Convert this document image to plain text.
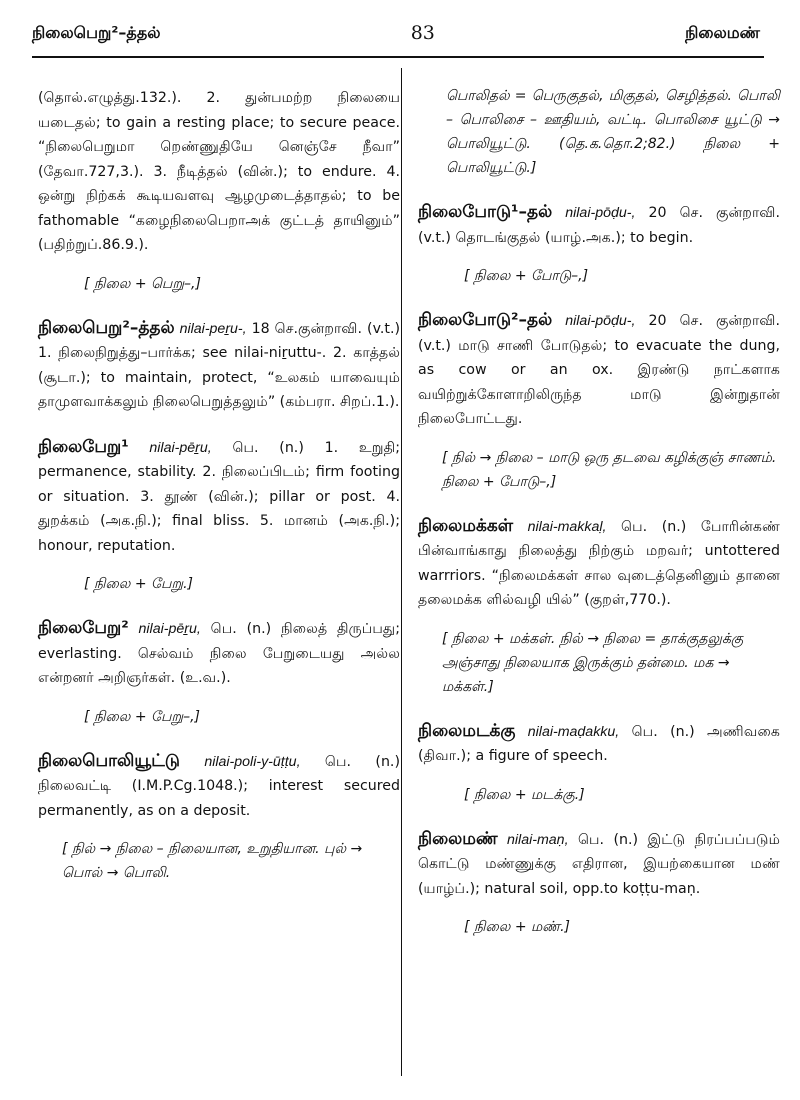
நிலைபெறு²–த்தல்	83	நிலைமண்

(தொல்.எழுத்து.132.). 2. துன்பமற்ற நிலையை யடைதல்; to gain a resting place; to secure peace. “நிலைபெறுமா றெண்ணுதியே னெஞ்சே நீவா” (தேவா.727,3.). 3. நீடித்தல் (வின்.); to endure. 4. ஒன்று நிற்கக் கூடியவளவு ஆழமுடைத்தாதல்; to be fathomable “கழைநிலைபெறாஅக் குட்டத் தாயினும்” (பதிற்றுப்.86.9.).

[ நிலை + பெறு–,]

நிலைபெறு²–த்தல் nilai-peṟu-, 18 செ.குன்றாவி. (v.t.) 1. நிலைநிறுத்து–பார்க்க; see nilai-niṟuttu-. 2. காத்தல் (சூடா.); to maintain, protect, “உலகம் யாவையும் தாமுளவாக்கலும் நிலைபெறுத்தலும்” (கம்பரா. சிறப்.1.).

நிலைபேறு¹ nilai-pēṟu, பெ. (n.) 1. உறுதி; permanence, stability. 2. நிலைப்பிடம்; firm footing or situation. 3. தூண் (வின்.); pillar or post. 4. துறக்கம் (அக.நி.); final bliss. 5. மானம் (அக.நி.); honour, reputation.

[ நிலை + பேறு.]

நிலைபேறு² nilai-pēṟu, பெ. (n.) நிலைத் திருப்பது; everlasting. செல்வம் நிலை பேறுடையது அல்ல என்றனர் அறிஞர்கள். (உ.வ.).

[ நிலை + பேறு–,]

நிலைபொலியூட்டு nilai-poli-y-ūṭṭu, பெ. (n.) நிலைவட்டி (I.M.P.Cg.1048.); interest secured permanently, as on a deposit.

[ நில் → நிலை – நிலையான, உறுதியான. புல் → பொல் → பொலி.

பொலிதல் = பெருகுதல், மிகுதல், செழித்தல். பொலி – பொலிசை – ஊதியம், வட்டி. பொலிசை யூட்டு → பொலியூட்டு. (தெ.க.தொ.2;82.) நிலை + பொலியூட்டு.]

நிலைபோடு¹–தல் nilai-pōḍu-, 20 செ. குன்றாவி. (v.t.) தொடங்குதல் (யாழ்.அக.); to begin.

[ நிலை + போடு–,]

நிலைபோடு²–தல் nilai-pōḍu-, 20 செ. குன்றாவி. (v.t.) மாடு சாணி போடுதல்; to evacuate the dung, as cow or an ox. இரண்டு நாட்களாக வயிற்றுக்கோளாறிலிருந்த மாடு இன்றுதான் நிலைபோட்டது.

[ நில் → நிலை – மாடு ஒரு தடவை கழிக்குஞ் சாணம். நிலை + போடு–,]

நிலைமக்கள் nilai-makkaḷ, பெ. (n.) போரின்கண் பின்வாங்காது நிலைத்து நிற்கும் மறவர்; untottered warrriors. “நிலைமக்கள் சால வுடைத்தெனினும் தானை தலைமக்க ளில்வழி யில்” (குறள்,770.).

[ நிலை + மக்கள். நில் → நிலை = தாக்குதலுக்கு அஞ்சாது நிலையாக இருக்கும் தன்மை. மக → மக்கள்.]

நிலைமடக்கு nilai-maḍakku, பெ. (n.) அணிவகை (திவா.); a figure of speech.

[ நிலை + மடக்கு.]

நிலைமண் nilai-maṇ, பெ. (n.) இட்டு நிரப்பப்படும் கொட்டு மண்ணுக்கு எதிரான, இயற்கையான மண் (யாழ்ப்.); natural soil, opp.to koṭṭu-maṇ.

[ நிலை + மண்.]
